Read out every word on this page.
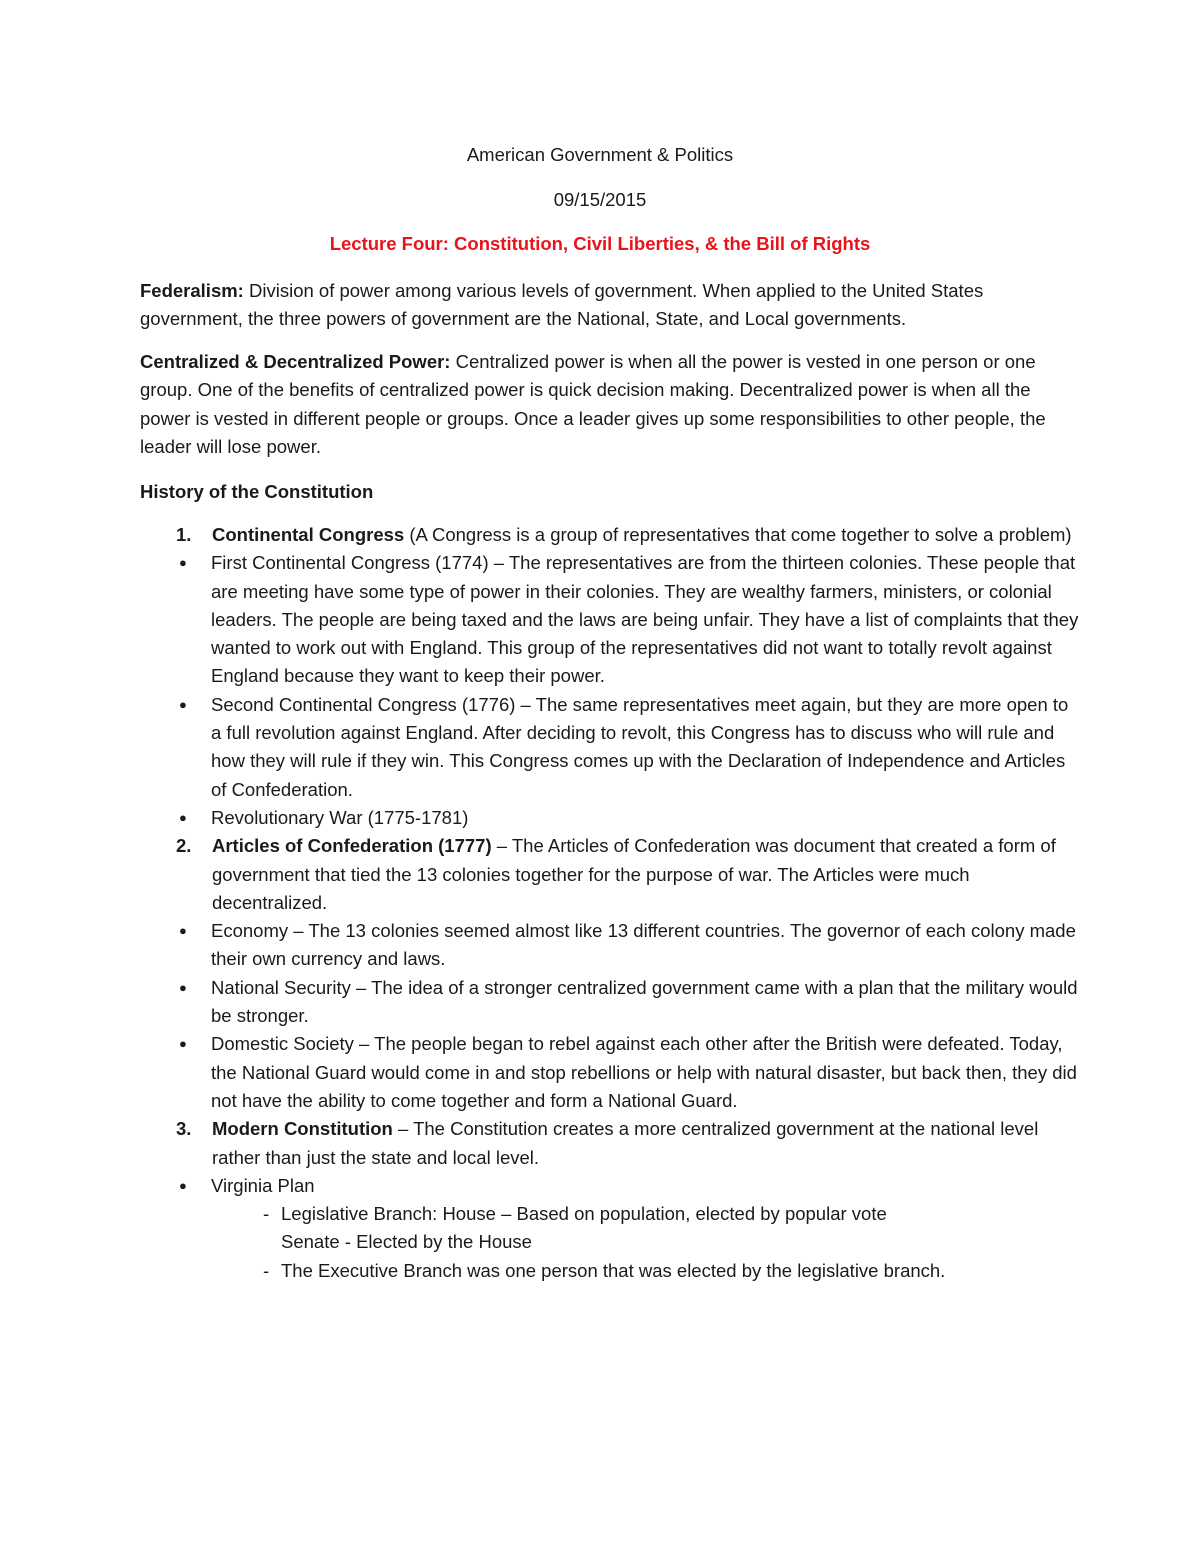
American Government & Politics
09/15/2015
Lecture Four: Constitution, Civil Liberties, & the Bill of Rights
Federalism: Division of power among various levels of government. When applied to the United States government, the three powers of government are the National, State, and Local governments.
Centralized & Decentralized Power: Centralized power is when all the power is vested in one person or one group. One of the benefits of centralized power is quick decision making. Decentralized power is when all the power is vested in different people or groups. Once a leader gives up some responsibilities to other people, the leader will lose power.
History of the Constitution
1. Continental Congress (A Congress is a group of representatives that come together to solve a problem)
● First Continental Congress (1774) – The representatives are from the thirteen colonies. These people that are meeting have some type of power in their colonies. They are wealthy farmers, ministers, or colonial leaders. The people are being taxed and the laws are being unfair. They have a list of complaints that they wanted to work out with England. This group of the representatives did not want to totally revolt against England because they want to keep their power.
● Second Continental Congress (1776) – The same representatives meet again, but they are more open to a full revolution against England. After deciding to revolt, this Congress has to discuss who will rule and how they will rule if they win. This Congress comes up with the Declaration of Independence and Articles of Confederation.
● Revolutionary War (1775-1781)
2. Articles of Confederation (1777) – The Articles of Confederation was document that created a form of government that tied the 13 colonies together for the purpose of war. The Articles were much decentralized.
● Economy – The 13 colonies seemed almost like 13 different countries. The governor of each colony made their own currency and laws.
● National Security – The idea of a stronger centralized government came with a plan that the military would be stronger.
● Domestic Society – The people began to rebel against each other after the British were defeated. Today, the National Guard would come in and stop rebellions or help with natural disaster, but back then, they did not have the ability to come together and form a National Guard.
3. Modern Constitution – The Constitution creates a more centralized government at the national level rather than just the state and local level.
● Virginia Plan
- Legislative Branch: House – Based on population, elected by popular vote
Senate - Elected by the House
- The Executive Branch was one person that was elected by the legislative branch.
